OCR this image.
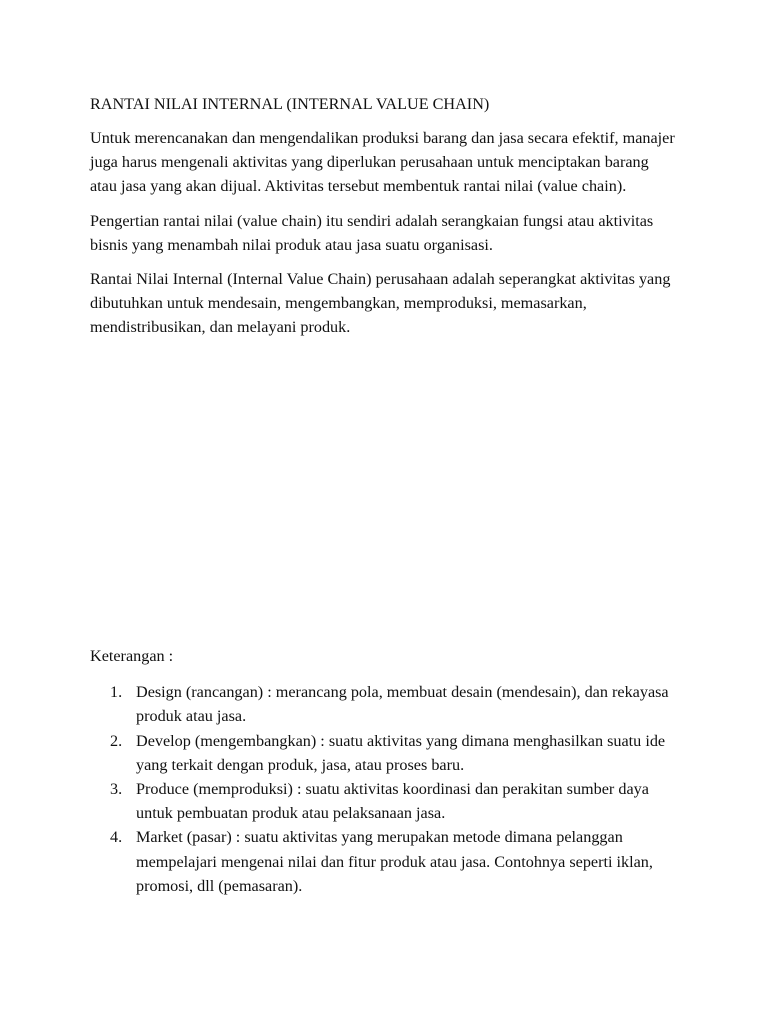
RANTAI NILAI INTERNAL (INTERNAL VALUE CHAIN)

Untuk merencanakan dan mengendalikan produksi barang dan jasa secara efektif, manajer juga harus mengenali aktivitas yang diperlukan perusahaan untuk menciptakan barang atau jasa yang akan dijual. Aktivitas tersebut membentuk rantai nilai (value chain).

Pengertian rantai nilai (value chain) itu sendiri adalah serangkaian fungsi atau aktivitas bisnis yang menambah nilai produk atau jasa suatu organisasi.

Rantai Nilai Internal (Internal Value Chain) perusahaan adalah seperangkat aktivitas yang dibutuhkan untuk mendesain, mengembangkan, memproduksi, memasarkan, mendistribusikan, dan melayani produk.

Keterangan :

1. Design (rancangan) : merancang pola, membuat desain (mendesain), dan rekayasa produk atau jasa.
2. Develop (mengembangkan) : suatu aktivitas yang dimana menghasilkan suatu ide yang terkait dengan produk, jasa, atau proses baru.
3. Produce (memproduksi) : suatu aktivitas koordinasi dan perakitan sumber daya untuk pembuatan produk atau pelaksanaan jasa.
4. Market (pasar) : suatu aktivitas yang merupakan metode dimana pelanggan mempelajari mengenai nilai dan fitur produk atau jasa. Contohnya seperti iklan, promosi, dll (pemasaran).
